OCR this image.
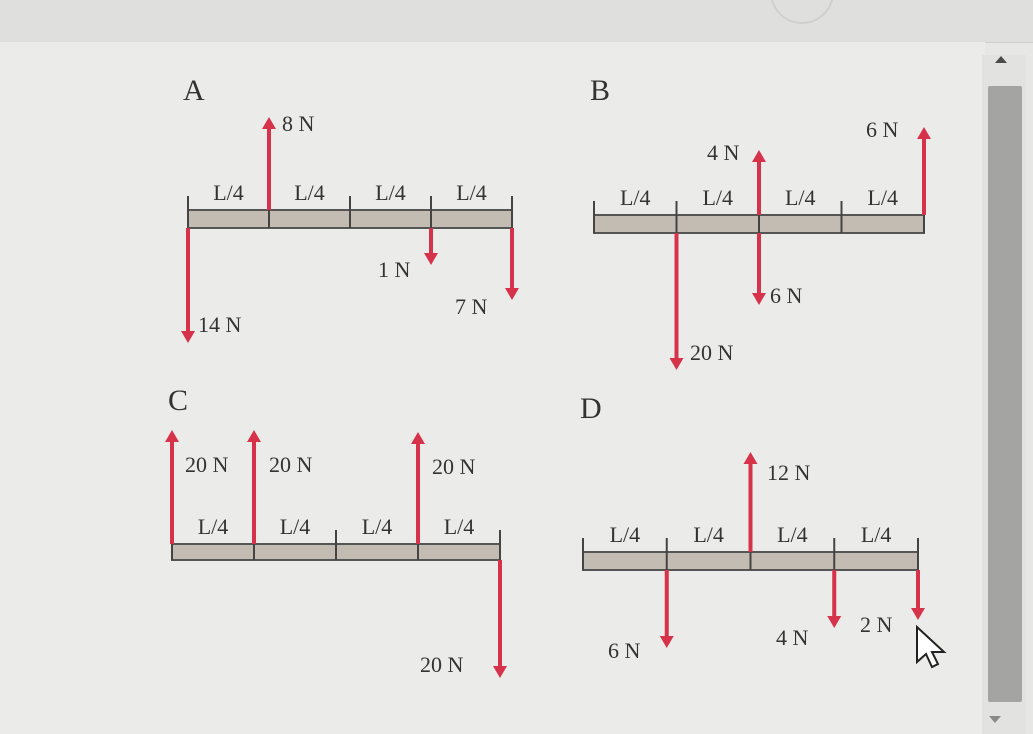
A
L/4 L/4 L/4 L/4
14 N
8 N
1 N
7 N
B
L/4 L/4 L/4 L/4
20 N
4 N
6 N
6 N
C
L/4 L/4 L/4 L/4
20 N 20 N	20 N
20 N
D
L/4 L/4 L/4 L/4
6 N
12 N
4 N
2 N
